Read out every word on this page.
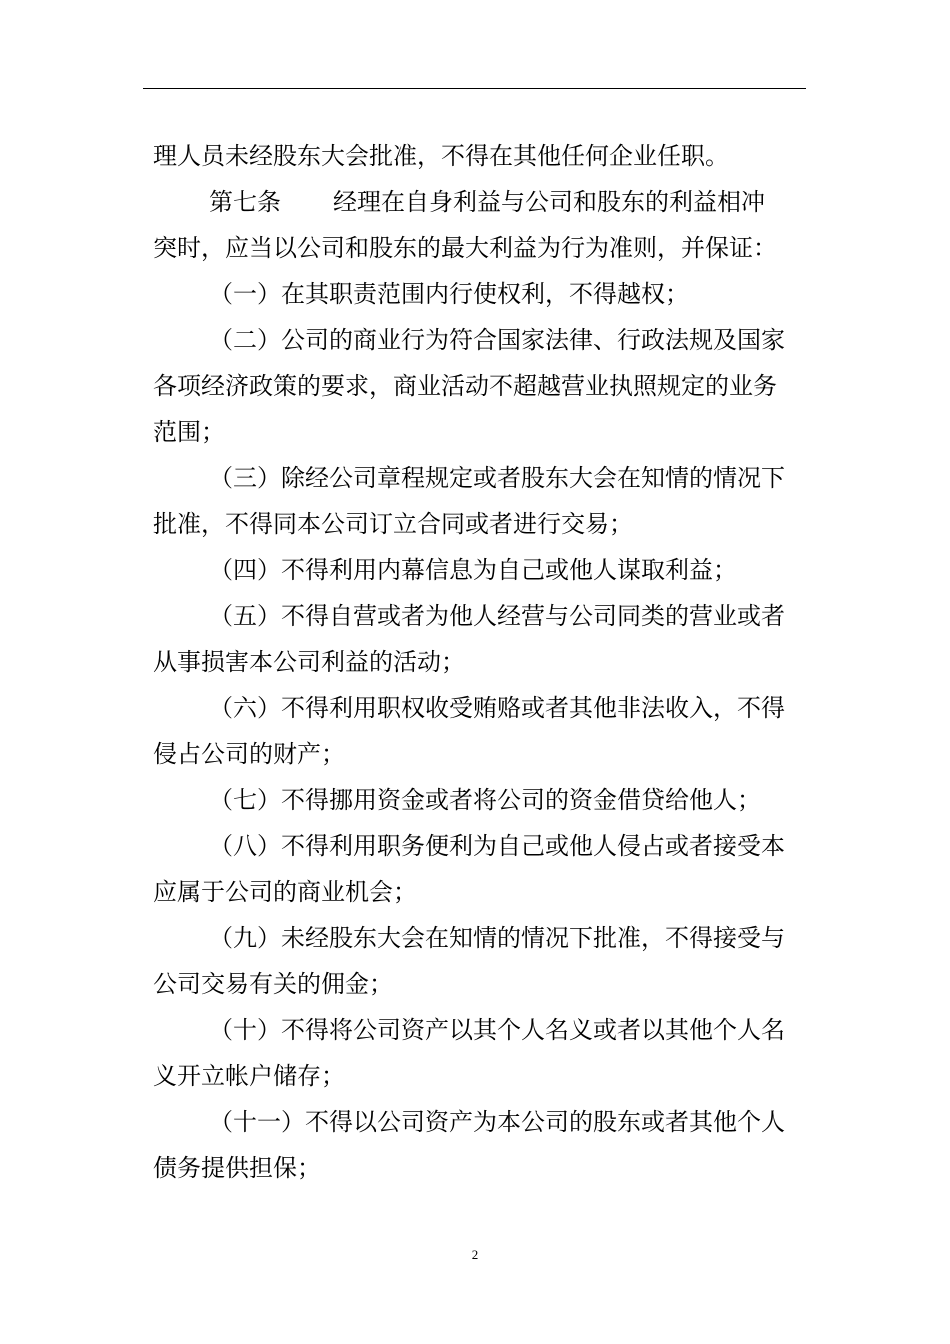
理人员未经股东大会批准，不得在其他任何企业任职。
第七条 经理在自身利益与公司和股东的利益相冲
突时，应当以公司和股东的最大利益为行为准则，并保证：
（一）在其职责范围内行使权利，不得越权；
（二）公司的商业行为符合国家法律、行政法规及国家
各项经济政策的要求，商业活动不超越营业执照规定的业务
范围；
（三）除经公司章程规定或者股东大会在知情的情况下
批准，不得同本公司订立合同或者进行交易；
（四）不得利用内幕信息为自己或他人谋取利益；
（五）不得自营或者为他人经营与公司同类的营业或者
从事损害本公司利益的活动；
（六）不得利用职权收受贿赂或者其他非法收入，不得
侵占公司的财产；
（七）不得挪用资金或者将公司的资金借贷给他人；
（八）不得利用职务便利为自己或他人侵占或者接受本
应属于公司的商业机会；
（九）未经股东大会在知情的情况下批准，不得接受与
公司交易有关的佣金；
（十）不得将公司资产以其个人名义或者以其他个人名
义开立帐户储存；
（十一）不得以公司资产为本公司的股东或者其他个人
债务提供担保；
2
